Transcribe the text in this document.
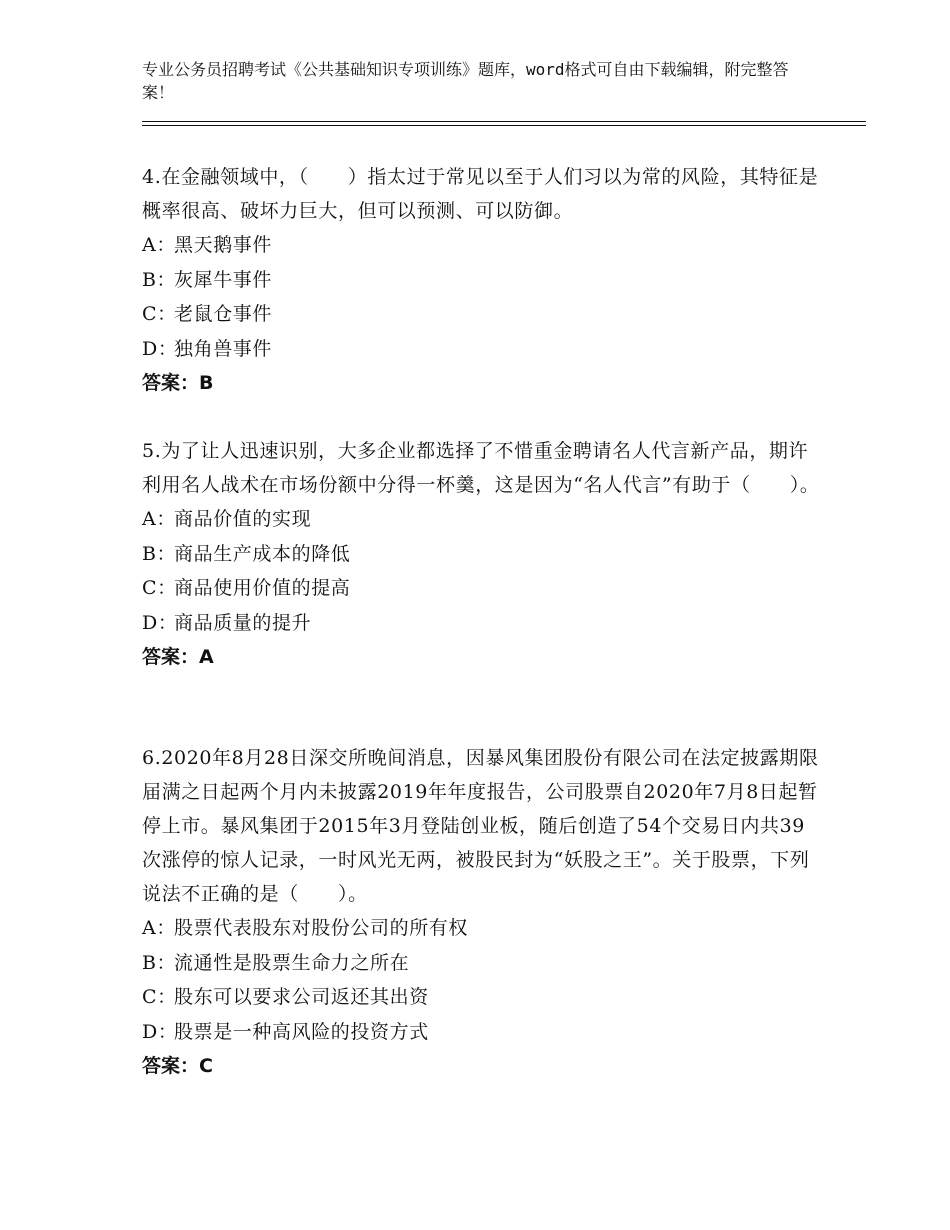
专业公务员招聘考试《公共基础知识专项训练》题库，word格式可自由下载编辑，附完整答案！
4.在金融领域中，（　　）指太过于常见以至于人们习以为常的风险，其特征是概率很高、破坏力巨大，但可以预测、可以防御。
A：黑天鹅事件
B：灰犀牛事件
C：老鼠仓事件
D：独角兽事件
答案：B
5.为了让人迅速识别，大多企业都选择了不惜重金聘请名人代言新产品，期许利用名人战术在市场份额中分得一杯羹，这是因为“名人代言”有助于（　　）。
A：商品价值的实现
B：商品生产成本的降低
C：商品使用价值的提高
D：商品质量的提升
答案：A
6.2020年8月28日深交所晚间消息，因暴风集团股份有限公司在法定披露期限届满之日起两个月内未披露2019年年度报告，公司股票自2020年7月8日起暂停上市。暴风集团于2015年3月登陆创业板，随后创造了54个交易日内共39次涨停的惊人记录，一时风光无两，被股民封为“妖股之王”。关于股票，下列说法不正确的是（　　）。
A：股票代表股东对股份公司的所有权
B：流通性是股票生命力之所在
C：股东可以要求公司返还其出资
D：股票是一种高风险的投资方式
答案：C
